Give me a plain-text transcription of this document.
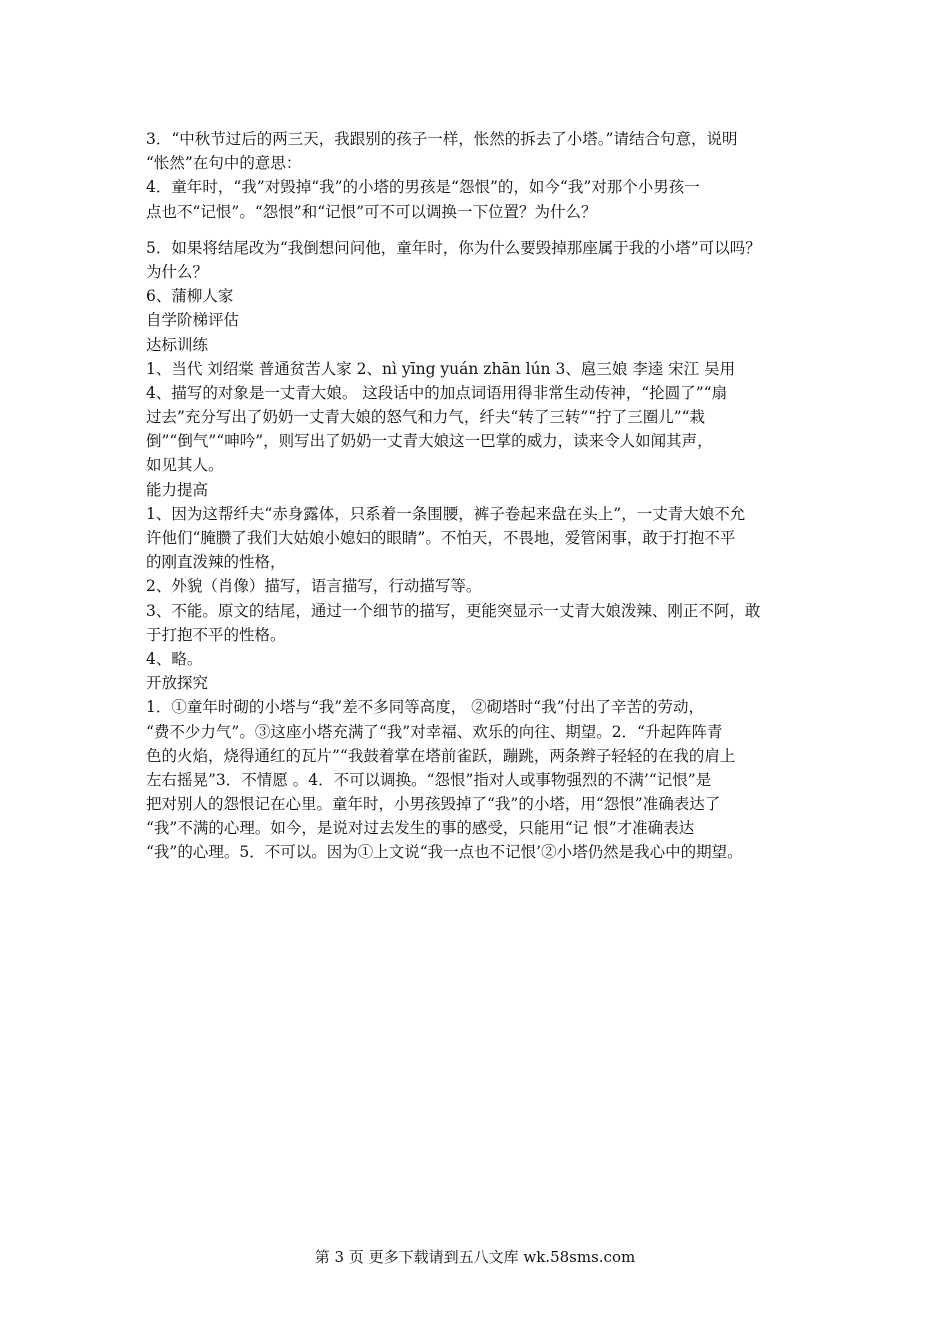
3．“中秋节过后的两三天，我跟别的孩子一样，怅然的拆去了小塔。”请结合句意，说明
“怅然”在句中的意思：
4．童年时，“我”对毁掉“我”的小塔的男孩是“怨恨”的，如今“我”对那个小男孩一
点也不“记恨”。“怨恨”和“记恨”可不可以调换一下位置？为什么？
5．如果将结尾改为“我倒想问问他，童年时，你为什么要毁掉那座属于我的小塔”可以吗？
为什么？
6、蒲柳人家
自学阶梯评估
达标训练
1、当代 刘绍棠 普通贫苦人家 2、nì yīng yuán zhān lún 3、扈三娘 李逵 宋江 吴用
4、描写的对象是一丈青大娘。 这段话中的加点词语用得非常生动传神，“抡圆了”“扇
过去”充分写出了奶奶一丈青大娘的怒气和力气，纤夫“转了三转”“拧了三圈儿”“栽
倒”“倒气”“呻吟”，则写出了奶奶一丈青大娘这一巴掌的威力，读来令人如闻其声，
如见其人。
能力提高
1、因为这帮纤夫“赤身露体，只系着一条围腰，裤子卷起来盘在头上”，一丈青大娘不允
许他们“腌臜了我们大姑娘小媳妇的眼睛”。不怕天，不畏地，爱管闲事，敢于打抱不平
的刚直泼辣的性格，
2、外貌（肖像）描写，语言描写，行动描写等。
3、不能。原文的结尾，通过一个细节的描写，更能突显示一丈青大娘泼辣、刚正不阿，敢
于打抱不平的性格。
4、略。
开放探究
1．①童年时砌的小塔与“我”差不多同等高度， ②砌塔时“我”付出了辛苦的劳动，
“费不少力气”。③这座小塔充满了“我”对幸福、欢乐的向往、期望。2．“升起阵阵青
色的火焰，烧得通红的瓦片”“我鼓着掌在塔前雀跃，蹦跳，两条辫子轻轻的在我的肩上
左右摇晃”3．不情愿 。4．不可以调换。“怨恨”指对人或事物强烈的不满’“记恨”是
把对别人的怨恨记在心里。童年时，小男孩毁掉了“我”的小塔，用“怨恨”准确表达了
“我”不满的心理。如今，是说对过去发生的事的感受，只能用“记 恨”才准确表达
“我”的心理。5．不可以。因为①上文说“我一点也不记恨’②小塔仍然是我心中的期望。
第 3 页 更多下载请到五八文库 wk.58sms.com
